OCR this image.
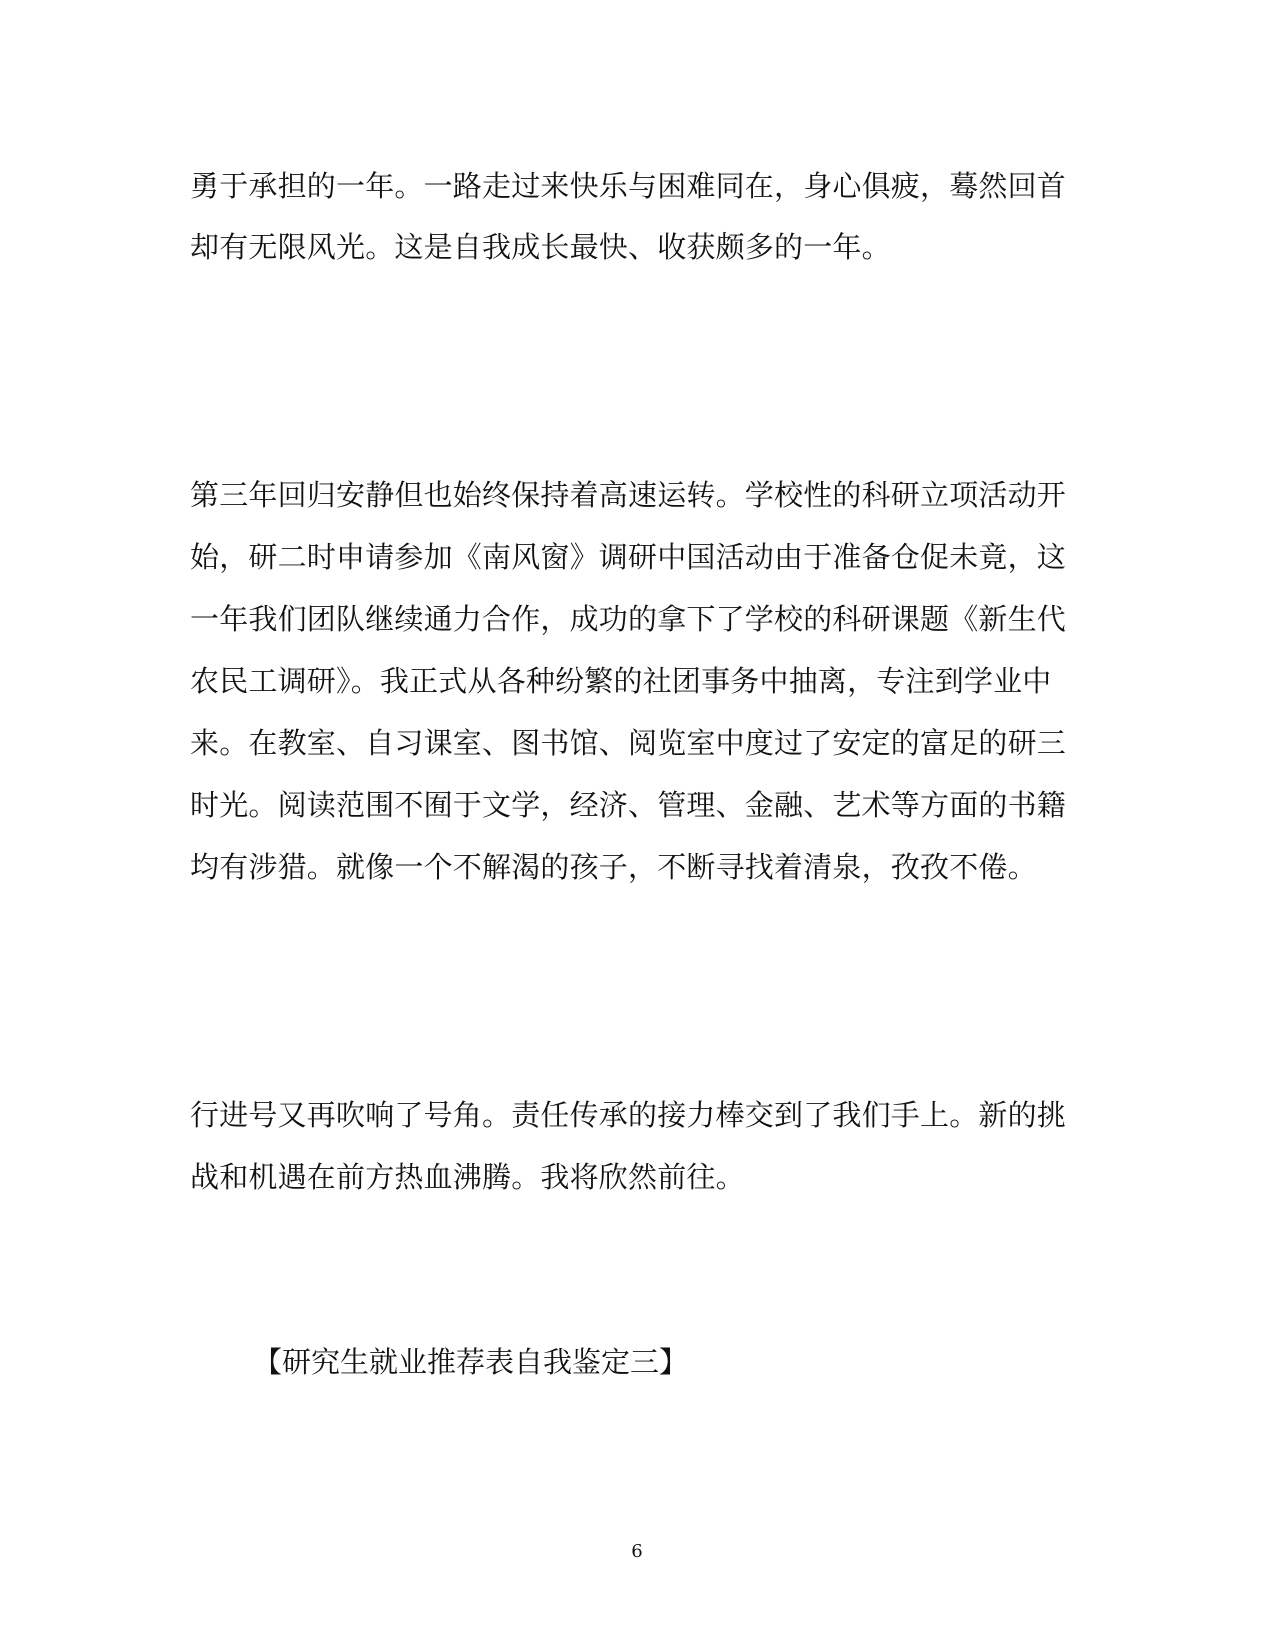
勇于承担的一年。一路走过来快乐与困难同在，身心俱疲，蓦然回首
却有无限风光。这是自我成长最快、收获颇多的一年。
第三年回归安静但也始终保持着高速运转。学校性的科研立项活动开
始，研二时申请参加《南风窗》调研中国活动由于准备仓促未竟，这
一年我们团队继续通力合作，成功的拿下了学校的科研课题《新生代
农民工调研》。我正式从各种纷繁的社团事务中抽离，专注到学业中
来。在教室、自习课室、图书馆、阅览室中度过了安定的富足的研三
时光。阅读范围不囿于文学，经济、管理、金融、艺术等方面的书籍
均有涉猎。就像一个不解渴的孩子，不断寻找着清泉，孜孜不倦。
行进号又再吹响了号角。责任传承的接力棒交到了我们手上。新的挑
战和机遇在前方热血沸腾。我将欣然前往。
【研究生就业推荐表自我鉴定三】
6
